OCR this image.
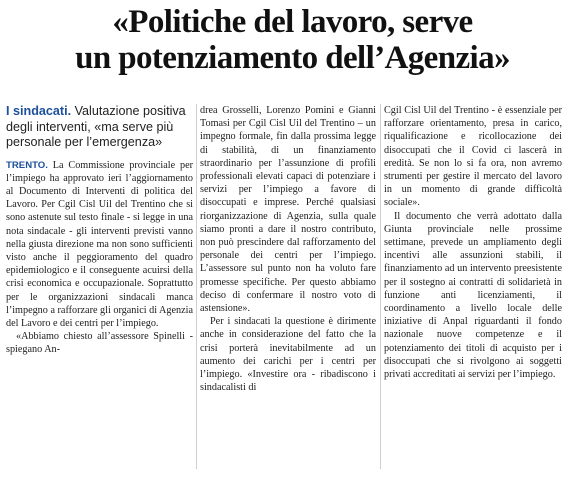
«Politiche del lavoro, serve
un potenziamento dell’Agenzia»
I sindacati. Valutazione positiva degli interventi, «ma serve più personale per l’emergenza»

TRENTO. La Commissione provinciale per l’impiego ha approvato ieri l’aggiornamento al Documento di Interventi di politica del Lavoro. Per Cgil Cisl Uil del Trentino che si sono astenute sul testo finale - si legge in una nota sindacale - gli interventi previsti vanno nella giusta direzione ma non sono sufficienti visto anche il peggioramento del quadro epidemiologico e il conseguente acuirsi della crisi economica e occupazionale. Soprattutto per le organizzazioni sindacali manca l’impegno a rafforzare gli organici di Agenzia del Lavoro e dei centri per l’impiego.

«Abbiamo chiesto all’assessore Spinelli - spiegano An-

drea Grosselli, Lorenzo Pomini e Gianni Tomasi per Cgil Cisl Uil del Trentino – un impegno formale, fin dalla prossima legge di stabilità, di un finanziamento straordinario per l’assunzione di profili professionali elevati capaci di potenziare i servizi per l’impiego a favore di disoccupati e imprese. Perché qualsiasi riorganizzazione di Agenzia, sulla quale siamo pronti a dare il nostro contributo, non può prescindere dal rafforzamento del personale dei centri per l’impiego. L’assessore sul punto non ha voluto fare promesse specifiche. Per questo abbiamo deciso di confermare il nostro voto di astensione».

Per i sindacati la questione è dirimente anche in considerazione del fatto che la crisi porterà inevitabilmente ad un aumento dei carichi per i centri per l’impiego. «Investire ora - ribadiscono i sindacalisti di

Cgil Cisl Uil del Trentino - è essenziale per rafforzare orientamento, presa in carico, riqualificazione e ricollocazione dei disoccupati che il Covid ci lascerà in eredità. Se non lo si fa ora, non avremo strumenti per gestire il mercato del lavoro in un momento di grande difficoltà sociale».

Il documento che verrà adottato dalla Giunta provinciale nelle prossime settimane, prevede un ampliamento degli incentivi alle assunzioni stabili, il finanziamento ad un intervento preesistente per il sostegno ai contratti di solidarietà in funzione anti licenziamenti, il coordinamento a livello locale delle iniziative di Anpal riguardanti il fondo nazionale nuove competenze e il potenziamento dei titoli di acquisto per i disoccupati che si rivolgono ai soggetti privati accreditati ai servizi per l’impiego.
